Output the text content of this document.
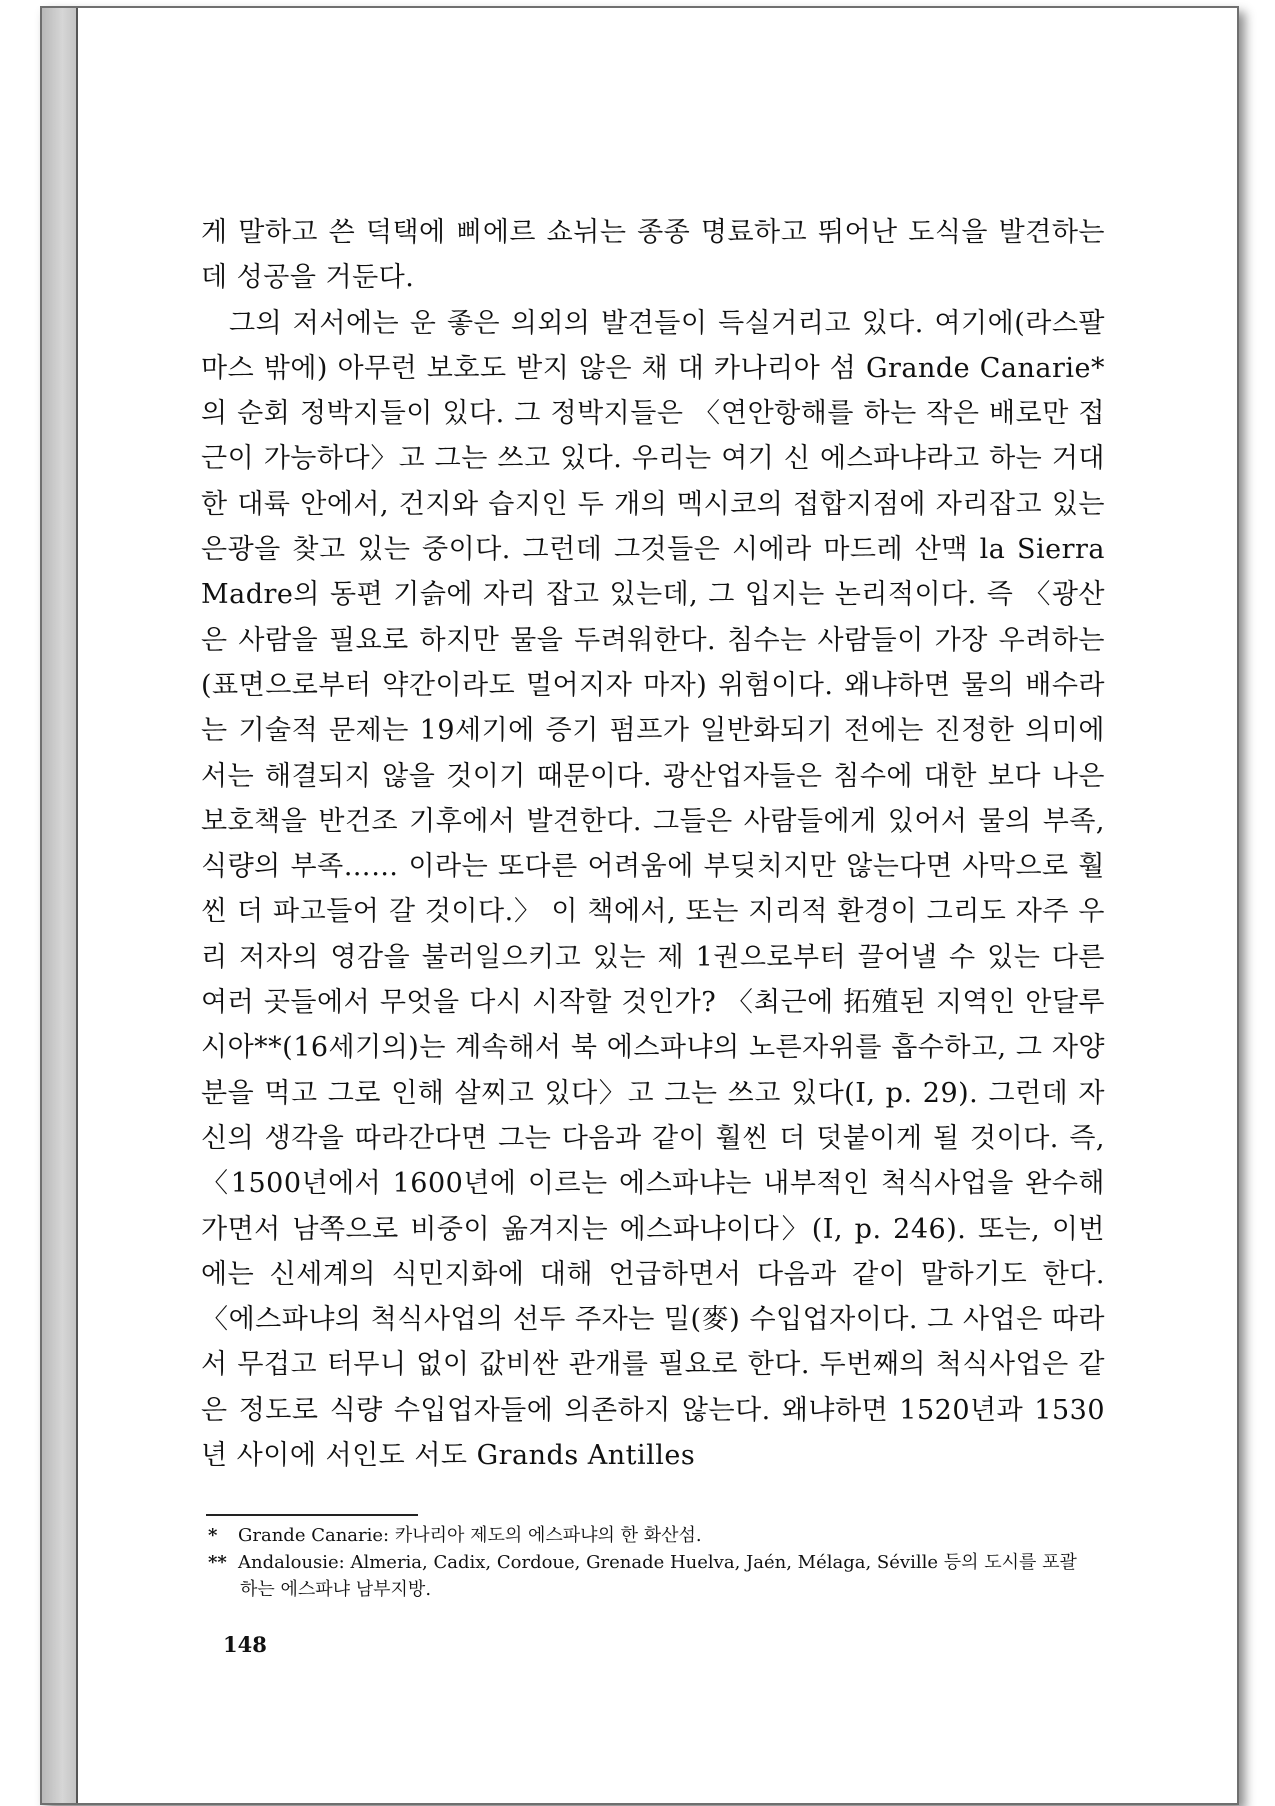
게 말하고 쓴 덕택에 삐에르 쇼뉘는 종종 명료하고 뛰어난 도식을 발견하는 데 성공을 거둔다.

그의 저서에는 운 좋은 의외의 발견들이 득실거리고 있다. 여기에(라스팔마스 밖에) 아무런 보호도 받지 않은 채 대 카나리아 섬 Grande Canarie*의 순회 정박지들이 있다. 그 정박지들은 〈연안항해를 하는 작은 배로만 접근이 가능하다〉고 그는 쓰고 있다. 우리는 여기 신 에스파냐라고 하는 거대한 대륙 안에서, 건지와 습지인 두 개의 멕시코의 접합지점에 자리잡고 있는 은광을 찾고 있는 중이다. 그런데 그것들은 시에라 마드레 산맥 la Sierra Madre의 동편 기슭에 자리 잡고 있는데, 그 입지는 논리적이다. 즉 〈광산은 사람을 필요로 하지만 물을 두려워한다. 침수는 사람들이 가장 우려하는(표면으로부터 약간이라도 멀어지자 마자) 위험이다. 왜냐하면 물의 배수라는 기술적 문제는 19세기에 증기 펌프가 일반화되기 전에는 진정한 의미에서는 해결되지 않을 것이기 때문이다. 광산업자들은 침수에 대한 보다 나은 보호책을 반건조 기후에서 발견한다. 그들은 사람들에게 있어서 물의 부족, 식량의 부족…… 이라는 또다른 어려움에 부딪치지만 않는다면 사막으로 훨씬 더 파고들어 갈 것이다.〉 이 책에서, 또는 지리적 환경이 그리도 자주 우리 저자의 영감을 불러일으키고 있는 제 1권으로부터 끌어낼 수 있는 다른 여러 곳들에서 무엇을 다시 시작할 것인가? 〈최근에 拓殖된 지역인 안달루시아**(16세기의)는 계속해서 북 에스파냐의 노른자위를 흡수하고, 그 자양분을 먹고 그로 인해 살찌고 있다〉고 그는 쓰고 있다(I, p. 29). 그런데 자신의 생각을 따라간다면 그는 다음과 같이 훨씬 더 덧붙이게 될 것이다. 즉, 〈1500년에서 1600년에 이르는 에스파냐는 내부적인 척식사업을 완수해 가면서 남쪽으로 비중이 옮겨지는 에스파냐이다〉(I, p. 246). 또는, 이번에는 신세계의 식민지화에 대해 언급하면서 다음과 같이 말하기도 한다. 〈에스파냐의 척식사업의 선두 주자는 밀(麥) 수입업자이다. 그 사업은 따라서 무겁고 터무니 없이 값비싼 관개를 필요로 한다. 두번째의 척식사업은 같은 정도로 식량 수입업자들에 의존하지 않는다. 왜냐하면 1520년과 1530년 사이에 서인도 서도 Grands Antilles

* Grande Canarie: 카나리아 제도의 에스파냐의 한 화산섬.

** Andalousie: Almeria, Cadix, Cordoue, Grenade Huelva, Jaén, Mélaga, Séville 등의 도시를 포괄하는 에스파냐 남부지방.

148
